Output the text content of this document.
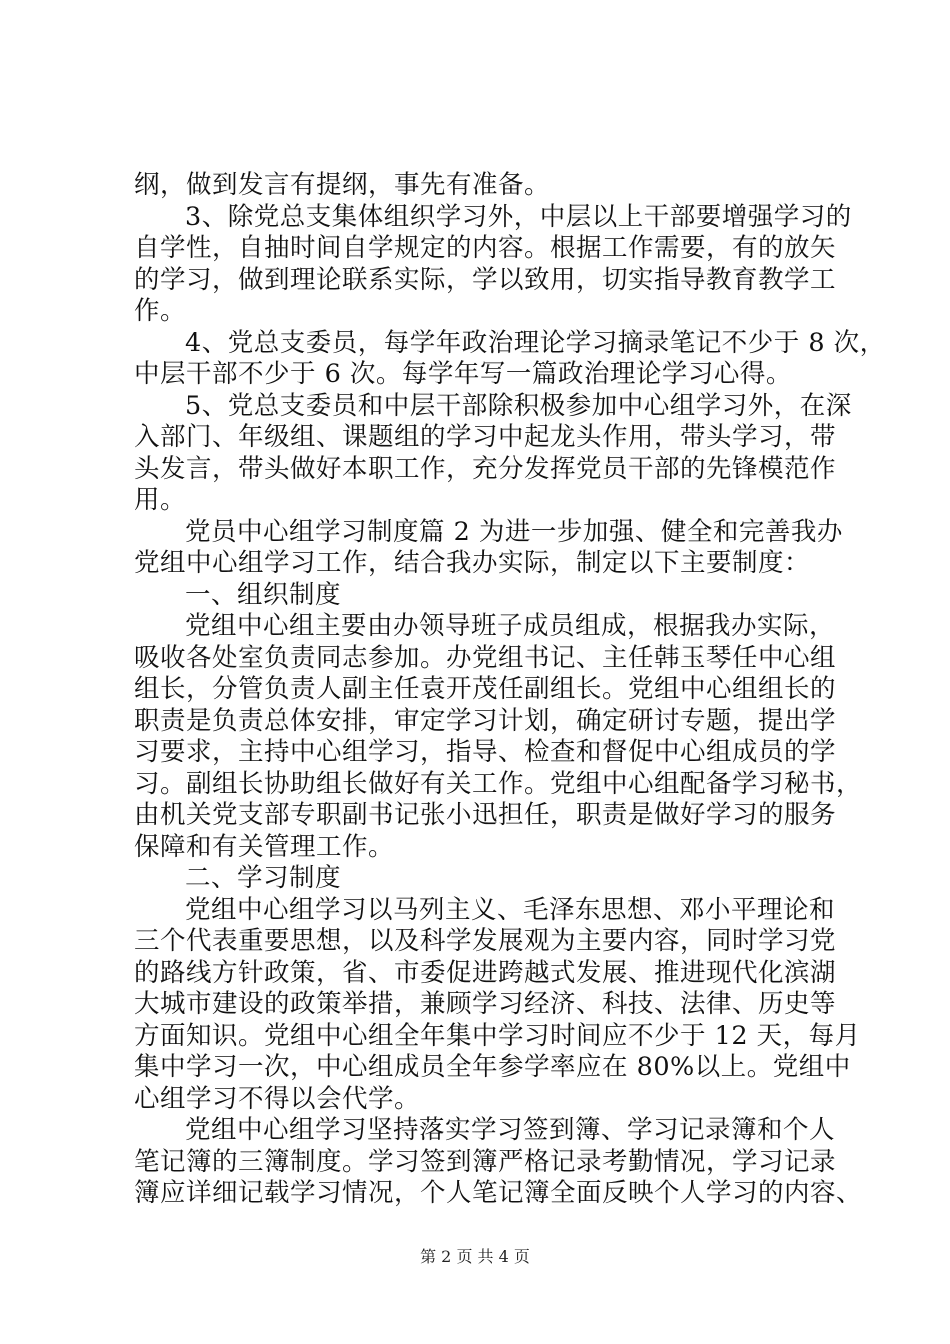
纲，做到发言有提纲，事先有准备。
3、除党总支集体组织学习外，中层以上干部要增强学习的
自学性，自抽时间自学规定的内容。根据工作需要，有的放矢
的学习，做到理论联系实际，学以致用，切实指导教育教学工
作。
4、党总支委员，每学年政治理论学习摘录笔记不少于 8 次，
中层干部不少于 6 次。每学年写一篇政治理论学习心得。
5、党总支委员和中层干部除积极参加中心组学习外，在深
入部门、年级组、课题组的学习中起龙头作用，带头学习，带
头发言，带头做好本职工作，充分发挥党员干部的先锋模范作
用。
党员中心组学习制度篇 2 为进一步加强、健全和完善我办
党组中心组学习工作，结合我办实际，制定以下主要制度：
一、组织制度
党组中心组主要由办领导班子成员组成，根据我办实际，
吸收各处室负责同志参加。办党组书记、主任韩玉琴任中心组
组长，分管负责人副主任袁开茂任副组长。党组中心组组长的
职责是负责总体安排，审定学习计划，确定研讨专题，提出学
习要求，主持中心组学习，指导、检查和督促中心组成员的学
习。副组长协助组长做好有关工作。党组中心组配备学习秘书，
由机关党支部专职副书记张小迅担任，职责是做好学习的服务
保障和有关管理工作。
二、学习制度
党组中心组学习以马列主义、毛泽东思想、邓小平理论和
三个代表重要思想，以及科学发展观为主要内容，同时学习党
的路线方针政策，省、市委促进跨越式发展、推进现代化滨湖
大城市建设的政策举措，兼顾学习经济、科技、法律、历史等
方面知识。党组中心组全年集中学习时间应不少于 12 天，每月
集中学习一次，中心组成员全年参学率应在 80%以上。党组中
心组学习不得以会代学。
党组中心组学习坚持落实学习签到簿、学习记录簿和个人
笔记簿的三簿制度。学习签到簿严格记录考勤情况，学习记录
簿应详细记载学习情况，个人笔记簿全面反映个人学习的内容、
第 2 页 共 4 页
